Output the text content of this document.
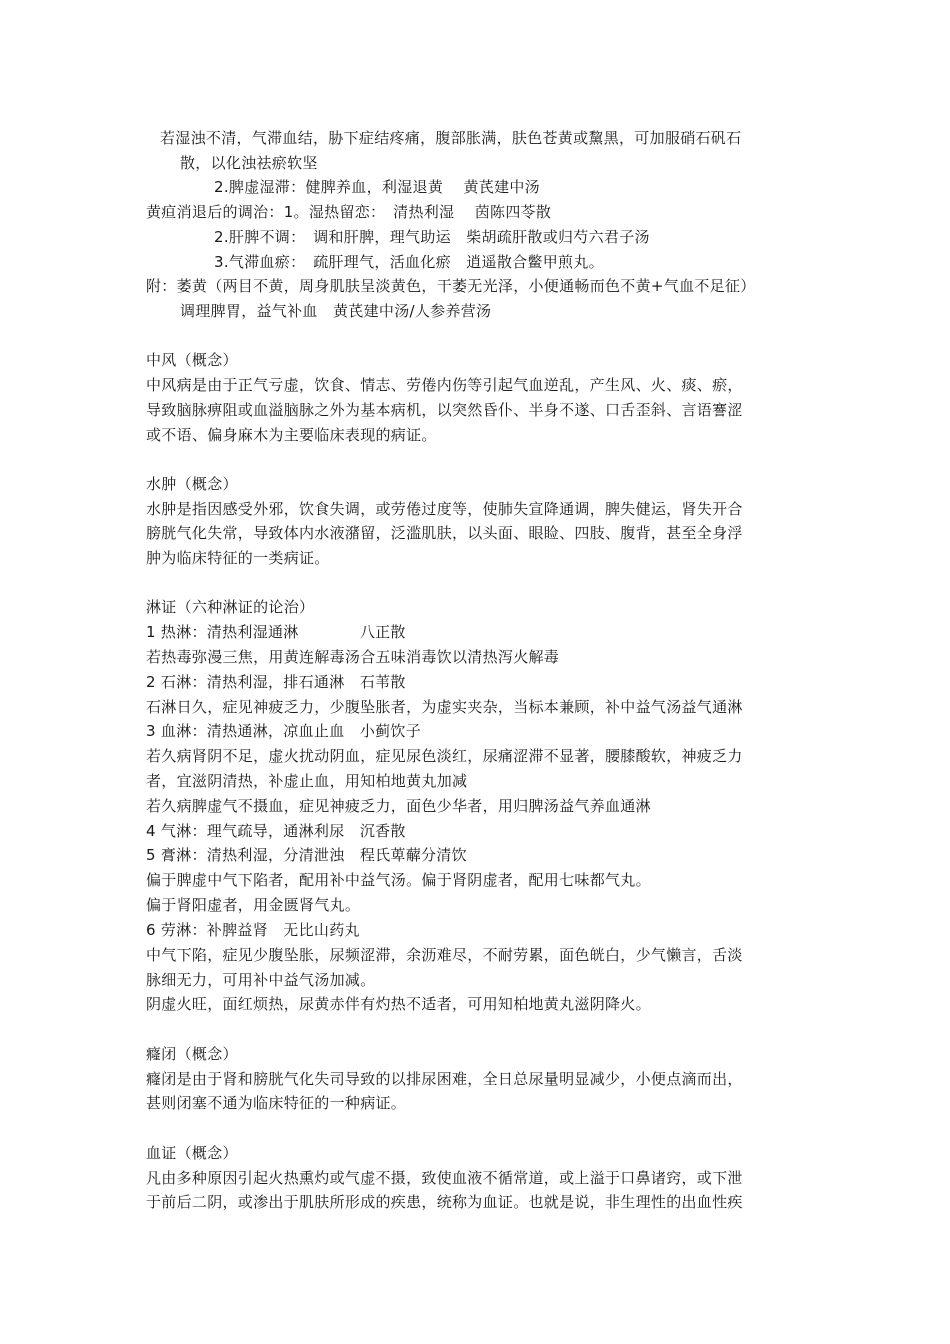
若湿浊不清，气滞血结，胁下症结疼痛，腹部胀满，肤色苍黄或黧黑，可加服硝石矾石
散，以化浊祛瘀软坚
2.脾虚湿滞：健脾养血，利湿退黄　 黄芪建中汤
黄疸消退后的调治：1。湿热留恋：　清热利湿　 茵陈四苓散
2.肝脾不调：　调和肝脾，理气助运　柴胡疏肝散或归芍六君子汤
3.气滞血瘀：　疏肝理气，活血化瘀　逍遥散合鳖甲煎丸。
附：萎黄（两目不黄，周身肌肤呈淡黄色，干萎无光泽，小便通畅而色不黄+气血不足征）
调理脾胃，益气补血　黄芪建中汤/人参养营汤
中风（概念）
中风病是由于正气亏虚，饮食、情志、劳倦内伤等引起气血逆乱，产生风、火、痰、瘀，
导致脑脉痹阻或血溢脑脉之外为基本病机，以突然昏仆、半身不遂、口舌歪斜、言语謇涩
或不语、偏身麻木为主要临床表现的病证。
水肿（概念）
水肿是指因感受外邪，饮食失调，或劳倦过度等，使肺失宣降通调，脾失健运，肾失开合
膀胱气化失常，导致体内水液潴留，泛滥肌肤，以头面、眼睑、四肢、腹背，甚至全身浮
肿为临床特征的一类病证。
淋证（六种淋证的论治）
1 热淋：清热利湿通淋　　　　八正散
若热毒弥漫三焦，用黄连解毒汤合五味消毒饮以清热泻火解毒
2 石淋：清热利湿，排石通淋　石苇散
石淋日久，症见神疲乏力，少腹坠胀者，为虚实夹杂，当标本兼顾，补中益气汤益气通淋
3 血淋：清热通淋，凉血止血　小蓟饮子
若久病肾阴不足，虚火扰动阴血，症见尿色淡红，尿痛涩滞不显著，腰膝酸软，神疲乏力
者，宜滋阴清热，补虚止血，用知柏地黄丸加减
若久病脾虚气不摄血，症见神疲乏力，面色少华者，用归脾汤益气养血通淋
4 气淋：理气疏导，通淋利尿　沉香散
5 膏淋：清热利湿，分清泄浊　程氏萆薢分清饮
偏于脾虚中气下陷者，配用补中益气汤。偏于肾阴虚者，配用七味都气丸。
偏于肾阳虚者，用金匮肾气丸。
6 劳淋：补脾益肾　无比山药丸
中气下陷，症见少腹坠胀，尿频涩滞，余沥难尽，不耐劳累，面色㿠白，少气懒言，舌淡
脉细无力，可用补中益气汤加减。
阴虚火旺，面红烦热，尿黄赤伴有灼热不适者，可用知柏地黄丸滋阴降火。
癃闭（概念）
癃闭是由于肾和膀胱气化失司导致的以排尿困难，全日总尿量明显减少，小便点滴而出，
甚则闭塞不通为临床特征的一种病证。
血证（概念）
凡由多种原因引起火热熏灼或气虚不摄，致使血液不循常道，或上溢于口鼻诸窍，或下泄
于前后二阴，或渗出于肌肤所形成的疾患，统称为血证。也就是说，非生理性的出血性疾
